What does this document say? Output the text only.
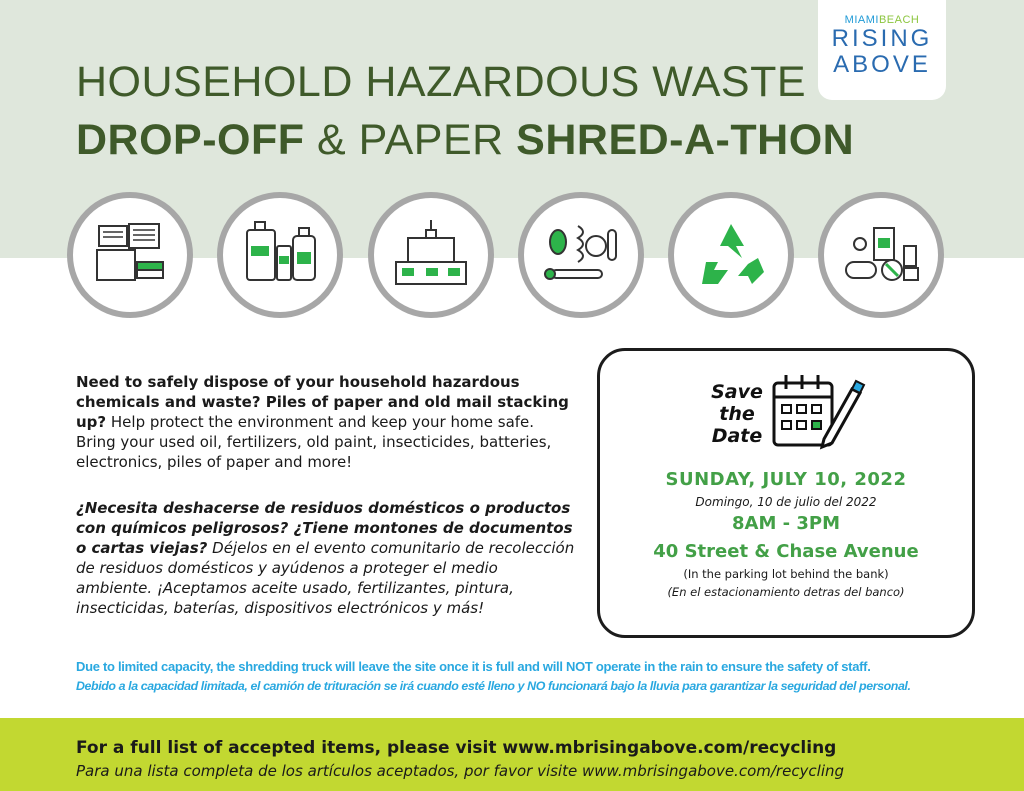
MIAMIBEACH
RISING
ABOVE
HOUSEHOLD HAZARDOUS WASTE
DROP-OFF & PAPER SHRED-A-THON
Need to safely dispose of your household hazardous chemicals and waste? Piles of paper and old mail stacking up? Help protect the environment and keep your home safe. Bring your used oil, fertilizers, old paint, insecticides, batteries, electronics, piles of paper and more!
¿Necesita deshacerse de residuos domésticos o productos con químicos peligrosos? ¿Tiene montones de documentos o cartas viejas? Déjelos en el evento comunitario de recolección de residuos domésticos y ayúdenos a proteger el medio ambiente. ¡Aceptamos aceite usado, fertilizantes, pintura, insecticidas, baterías, dispositivos electrónicos y más!
Save
the
Date
SUNDAY, JULY 10, 2022
Domingo, 10 de julio del 2022
8AM - 3PM
40 Street & Chase Avenue
(In the parking lot behind the bank)
(En el estacionamiento detras del banco)
Due to limited capacity, the shredding truck will leave the site once it is full and will NOT operate in the rain to ensure the safety of staff.
Debido a la capacidad limitada, el camión de trituración se irá cuando esté lleno y NO funcionará bajo la lluvia para garantizar la seguridad del personal.
For a full list of accepted items, please visit www.mbrisingabove.com/recycling
Para una lista completa de los artículos aceptados, por favor visite www.mbrisingabove.com/recycling
